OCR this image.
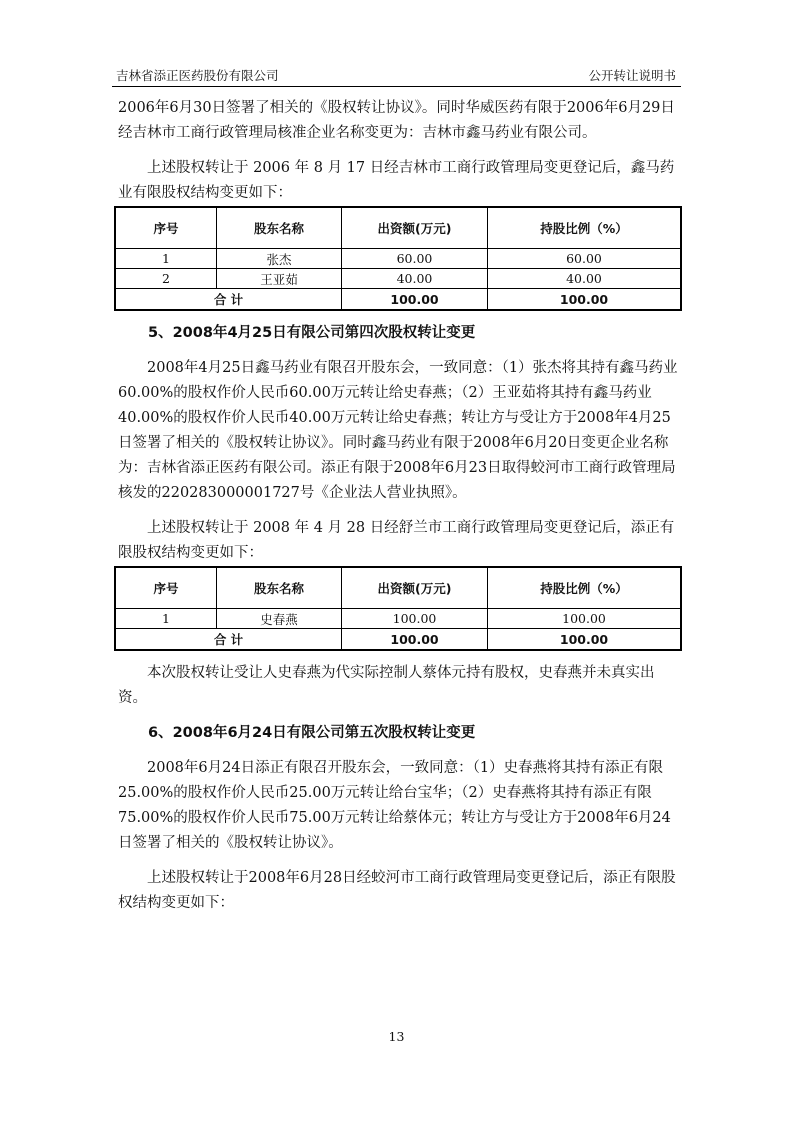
吉林省添正医药股份有限公司	公开转让说明书

2006年6月30日签署了相关的《股权转让协议》。同时华威医药有限于2006年6月29日经吉林市工商行政管理局核准企业名称变更为：吉林市鑫马药业有限公司。

上述股权转让于 2006 年 8 月 17 日经吉林市工商行政管理局变更登记后，鑫马药业有限股权结构变更如下：

序号	股东名称	出资额(万元)	持股比例（%）
1	张杰	60.00	60.00
2	王亚茹	40.00	40.00
合 计		100.00	100.00

5、2008年4月25日有限公司第四次股权转让变更

2008年4月25日鑫马药业有限召开股东会，一致同意：（1）张杰将其持有鑫马药业60.00%的股权作价人民币60.00万元转让给史春燕；（2）王亚茹将其持有鑫马药业40.00%的股权作价人民币40.00万元转让给史春燕；转让方与受让方于2008年4月25日签署了相关的《股权转让协议》。同时鑫马药业有限于2008年6月20日变更企业名称为：吉林省添正医药有限公司。添正有限于2008年6月23日取得蛟河市工商行政管理局核发的220283000001727号《企业法人营业执照》。

上述股权转让于 2008 年 4 月 28 日经舒兰市工商行政管理局变更登记后，添正有限股权结构变更如下：

序号	股东名称	出资额(万元)	持股比例（%）
1	史春燕	100.00	100.00
合 计		100.00	100.00

本次股权转让受让人史春燕为代实际控制人蔡体元持有股权，史春燕并未真实出资。

6、2008年6月24日有限公司第五次股权转让变更

2008年6月24日添正有限召开股东会，一致同意：（1）史春燕将其持有添正有限25.00%的股权作价人民币25.00万元转让给台宝华；（2）史春燕将其持有添正有限75.00%的股权作价人民币75.00万元转让给蔡体元；转让方与受让方于2008年6月24日签署了相关的《股权转让协议》。

上述股权转让于2008年6月28日经蛟河市工商行政管理局变更登记后，添正有限股权结构变更如下：

13
